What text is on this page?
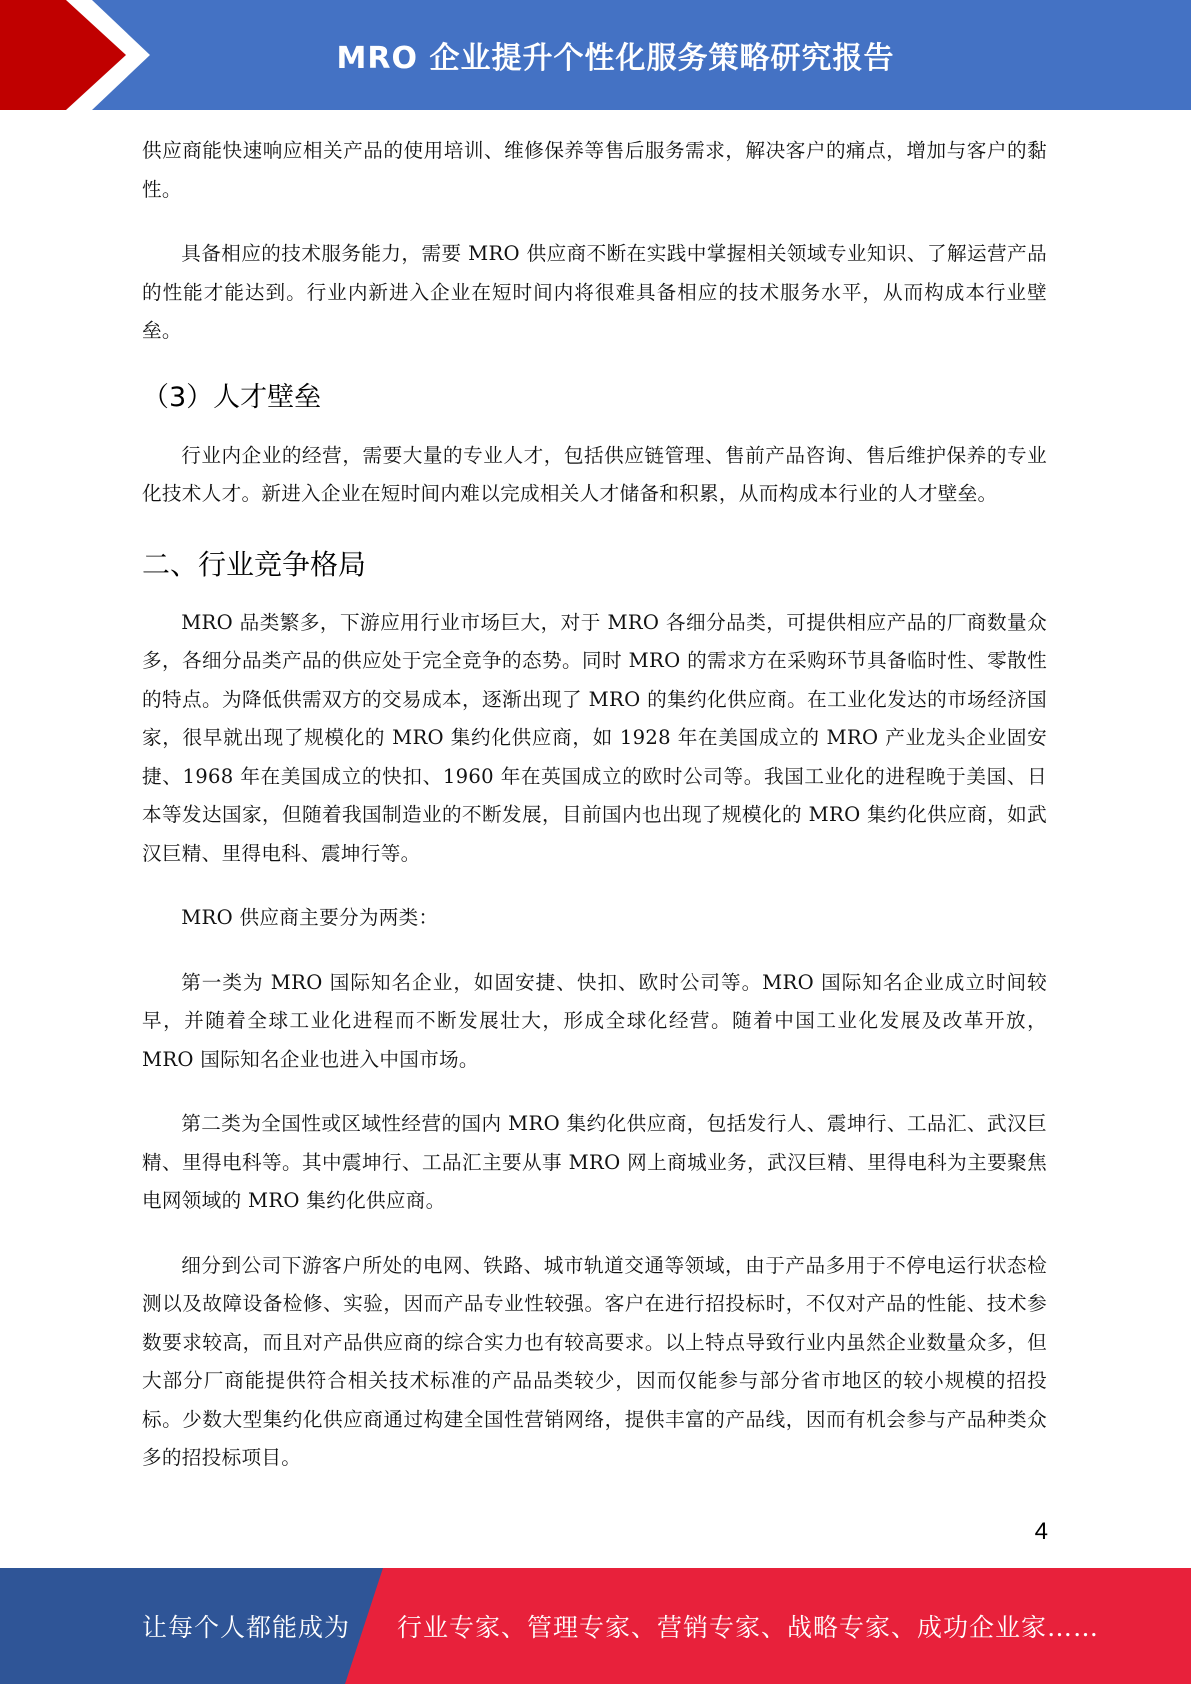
MRO 企业提升个性化服务策略研究报告

供应商能快速响应相关产品的使用培训、维修保养等售后服务需求，解决客户的痛点，增加与客户的黏性。

具备相应的技术服务能力，需要 MRO 供应商不断在实践中掌握相关领域专业知识、了解运营产品的性能才能达到。行业内新进入企业在短时间内将很难具备相应的技术服务水平，从而构成本行业壁垒。

（3）人才壁垒

行业内企业的经营，需要大量的专业人才，包括供应链管理、售前产品咨询、售后维护保养的专业化技术人才。新进入企业在短时间内难以完成相关人才储备和积累，从而构成本行业的人才壁垒。

二、行业竞争格局

MRO 品类繁多，下游应用行业市场巨大，对于 MRO 各细分品类，可提供相应产品的厂商数量众多，各细分品类产品的供应处于完全竞争的态势。同时 MRO 的需求方在采购环节具备临时性、零散性的特点。为降低供需双方的交易成本，逐渐出现了 MRO 的集约化供应商。在工业化发达的市场经济国家，很早就出现了规模化的 MRO 集约化供应商，如 1928 年在美国成立的 MRO 产业龙头企业固安捷、1968 年在美国成立的快扣、1960 年在英国成立的欧时公司等。我国工业化的进程晚于美国、日本等发达国家，但随着我国制造业的不断发展，目前国内也出现了规模化的 MRO 集约化供应商，如武汉巨精、里得电科、震坤行等。

MRO 供应商主要分为两类：

第一类为 MRO 国际知名企业，如固安捷、快扣、欧时公司等。MRO 国际知名企业成立时间较早，并随着全球工业化进程而不断发展壮大，形成全球化经营。随着中国工业化发展及改革开放，MRO 国际知名企业也进入中国市场。

第二类为全国性或区域性经营的国内 MRO 集约化供应商，包括发行人、震坤行、工品汇、武汉巨精、里得电科等。其中震坤行、工品汇主要从事 MRO 网上商城业务，武汉巨精、里得电科为主要聚焦电网领域的 MRO 集约化供应商。

细分到公司下游客户所处的电网、铁路、城市轨道交通等领域，由于产品多用于不停电运行状态检测以及故障设备检修、实验，因而产品专业性较强。客户在进行招投标时，不仅对产品的性能、技术参数要求较高，而且对产品供应商的综合实力也有较高要求。以上特点导致行业内虽然企业数量众多，但大部分厂商能提供符合相关技术标准的产品品类较少，因而仅能参与部分省市地区的较小规模的招投标。少数大型集约化供应商通过构建全国性营销网络，提供丰富的产品线，因而有机会参与产品种类众多的招投标项目。

4
让每个人都能成为 行业专家、管理专家、营销专家、战略专家、成功企业家……
